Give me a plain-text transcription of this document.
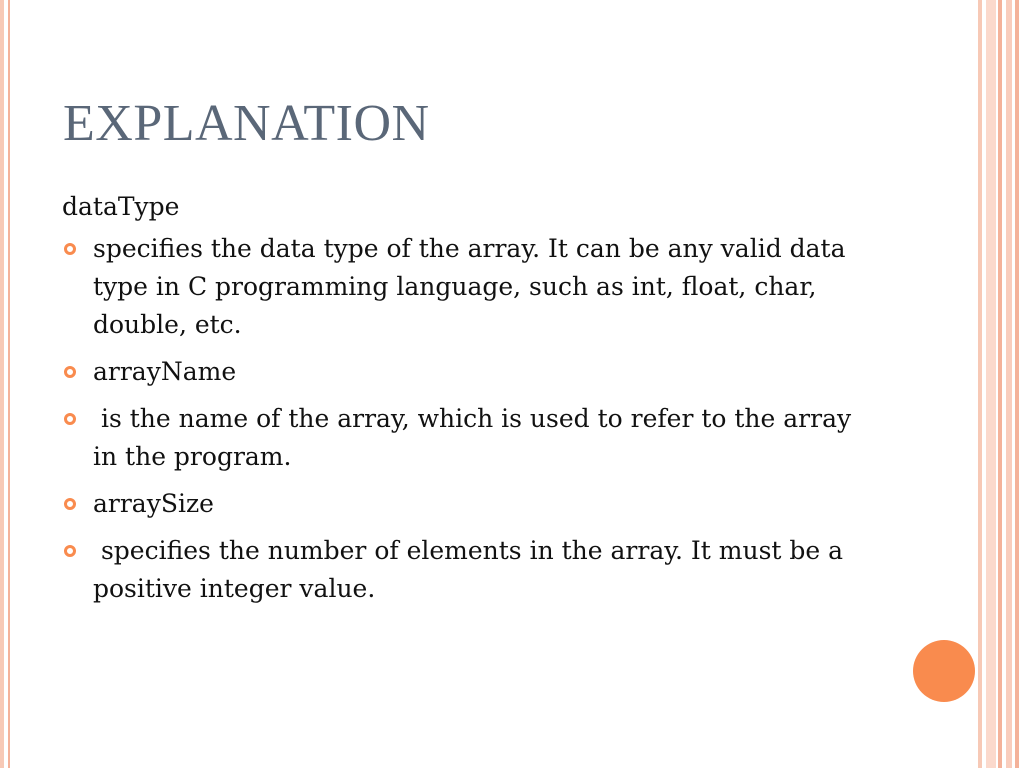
EXPLANATION
dataType
specifies the data type of the array. It can be any valid data type in C programming language, such as int, float, char, double, etc.
arrayName
is the name of the array, which is used to refer to the array in the program.
arraySize
specifies the number of elements in the array. It must be a positive integer value.
